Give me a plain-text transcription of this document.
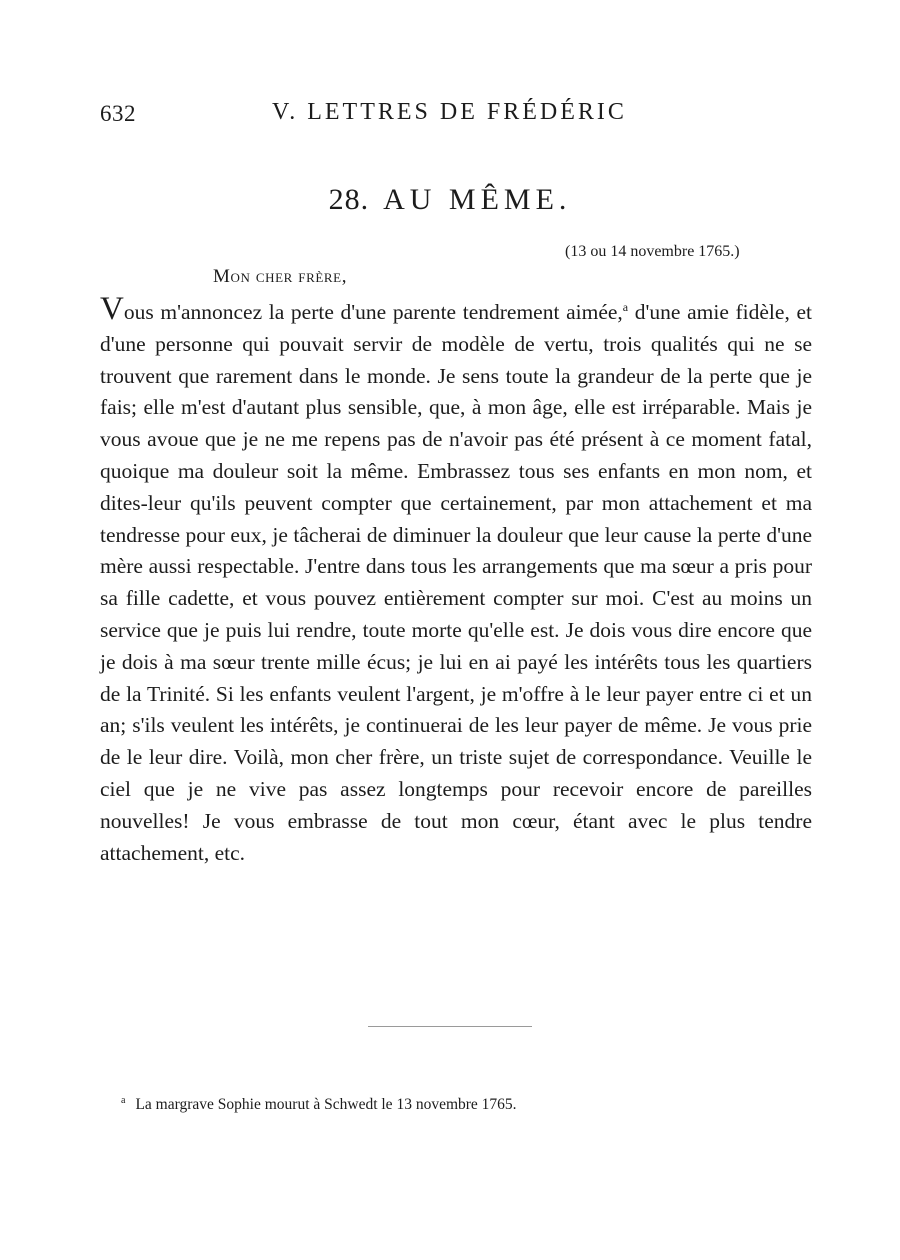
632	V. LETTRES DE FRÉDÉRIC
28. AU MÊME.
(13 ou 14 novembre 1765.)
Mon cher frère,

Vous m'annoncez la perte d'une parente tendrement aimée,$^a$ d'une amie fidèle, et d'une personne qui pouvait servir de modèle de vertu, trois qualités qui ne se trouvent que rarement dans le monde. Je sens toute la grandeur de la perte que je fais; elle m'est d'autant plus sensible, que, à mon âge, elle est irréparable. Mais je vous avoue que je ne me repens pas de n'avoir pas été présent à ce moment fatal, quoique ma douleur soit la même. Embrassez tous ses enfants en mon nom, et dites-leur qu'ils peuvent compter que certainement, par mon attachement et ma tendresse pour eux, je tâcherai de diminuer la douleur que leur cause la perte d'une mère aussi respectable. J'entre dans tous les arrangements que ma sœur a pris pour sa fille cadette, et vous pouvez entièrement compter sur moi. C'est au moins un service que je puis lui rendre, toute morte qu'elle est. Je dois vous dire encore que je dois à ma sœur trente mille écus; je lui en ai payé les intérêts tous les quartiers de la Trinité. Si les enfants veulent l'argent, je m'offre à le leur payer entre ci et un an; s'ils veulent les intérêts, je continuerai de les leur payer de même. Je vous prie de le leur dire. Voilà, mon cher frère, un triste sujet de correspondance. Veuille le ciel que je ne vive pas assez longtemps pour recevoir encore de pareilles nouvelles! Je vous embrasse de tout mon cœur, étant avec le plus tendre attachement, etc.

$^a$ La margrave Sophie mourut à Schwedt le 13 novembre 1765.
